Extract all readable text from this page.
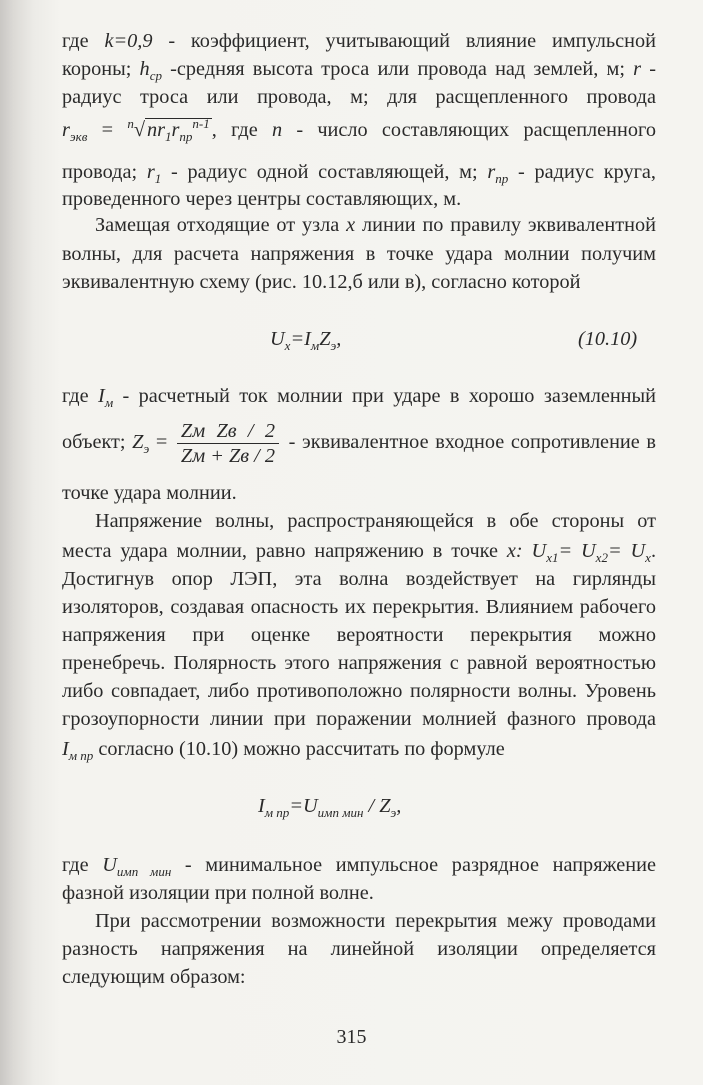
где k=0,9 - коэффициент, учитывающий влияние импульсной
короны; $h_{ср}$ -средняя высота троса или провода над землей, м; r -
радиус троса или провода, м; для расщепленного провода
$r_{экв} = ^n√nr_1r_{пр}^{n-1}$, где n - число составляющих расщепленного
провода; $r_1$ - радиус одной составляющей, м; $r_{пр}$ - радиус круга,
проведенного через центры составляющих, м.
Замещая отходящие от узла x линии по правилу эквивалентной
волны, для расчета напряжения в точке удара молнии получим
эквивалентную схему (рис. 10.12,б или в), согласно которой
$U_x=I_мZ_э$,	(10.10)
где $I_м$ - расчетный ток молнии при ударе в хорошо заземленный
объект; $Z_э = \frac{\text{Zм Zв / 2}}{Zм + Zв / 2}$ - эквивалентное входное сопротивление в
точке удара молнии.
Напряжение волны, распространяющейся в обе стороны от
места удара молнии, равно напряжению в точке x: $U_{x1}= U_{x2}= U_x$.
Достигнув опор ЛЭП, эта волна воздействует на гирлянды
изоляторов, создавая опасность их перекрытия. Влиянием рабочего
напряжения при оценке вероятности перекрытия можно
пренебречь. Полярность этого напряжения с равной вероятностью
либо совпадает, либо противоположно полярности волны. Уровень
грозоупорности линии при поражении молнией фазного провода
$I_{м пр}$ согласно (10.10) можно рассчитать по формуле
$I_{м пр}=U_{имп мин} / Z_э$,
где $U_{имп мин}$ - минимальное импульсное разрядное напряжение
фазной изоляции при полной волне.
При рассмотрении возможности перекрытия межу проводами
разность напряжения на линейной изоляции определяется
следующим образом:
315
